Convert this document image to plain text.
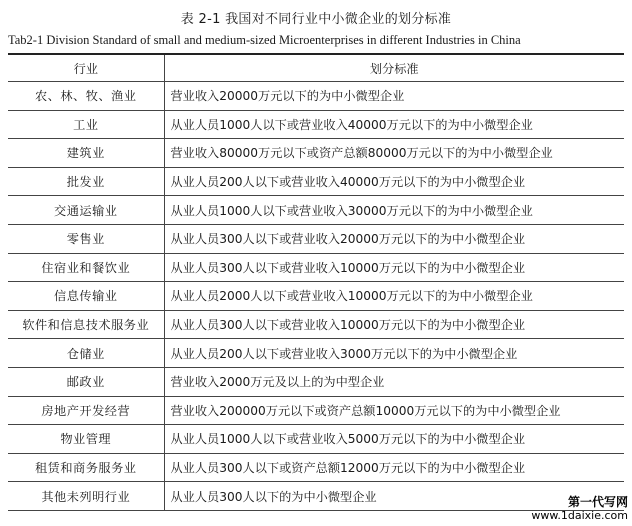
表 2-1 我国对不同行业中小微企业的划分标准
Tab2-1 Division Standard of small and medium-sized Microenterprises in different Industries in China
行业	划分标准
农、林、牧、渔业	营业收入20000万元以下的为中小微型企业
工业	从业人员1000人以下或营业收入40000万元以下的为中小微型企业
建筑业	营业收入80000万元以下或资产总额80000万元以下的为中小微型企业
批发业	从业人员200人以下或营业收入40000万元以下的为中小微型企业
交通运输业	从业人员1000人以下或营业收入30000万元以下的为中小微型企业
零售业	从业人员300人以下或营业收入20000万元以下的为中小微型企业
住宿业和餐饮业	从业人员300人以下或营业收入10000万元以下的为中小微型企业
信息传输业	从业人员2000人以下或营业收入10000万元以下的为中小微型企业
软件和信息技术服务业	从业人员300人以下或营业收入10000万元以下的为中小微型企业
仓储业	从业人员200人以下或营业收入3000万元以下的为中小微型企业
邮政业	营业收入2000万元及以上的为中型企业
房地产开发经营	营业收入200000万元以下或资产总额10000万元以下的为中小微型企业
物业管理	从业人员1000人以下或营业收入5000万元以下的为中小微型企业
租赁和商务服务业	从业人员300人以下或资产总额12000万元以下的为中小微型企业
其他未列明行业	从业人员300人以下的为中小微型企业	第一代写网
www.1daixie.com
